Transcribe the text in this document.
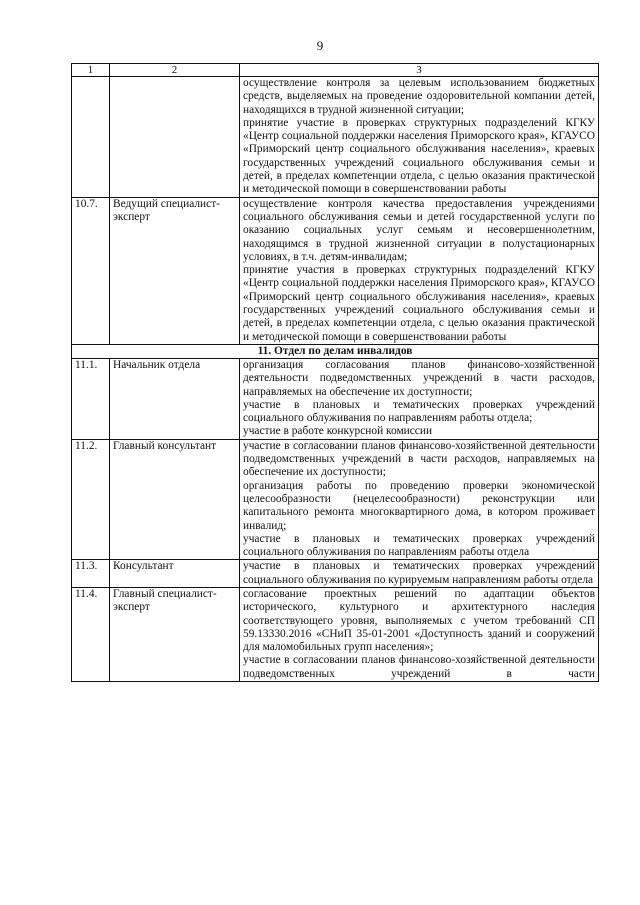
9
1	2	3

		осуществление контроля за целевым использованием бюджетных средств, выделяемых на проведение оздоровительной компании детей, находящихся в трудной жизненной ситуации;
принятие участие в проверках структурных подразделений КГКУ «Центр социальной поддержки населения Приморского края», КГАУСО «Приморский центр социального обслуживания населения», краевых государственных учреждений социального обслуживания семьи и детей, в пределах компетенции отдела, с целью оказания практической и методической помощи в совершенствовании работы

10.7.	Ведущий специалист-эксперт	осуществление контроля качества предоставления учреждениями социального обслуживания семьи и детей государственной услуги по оказанию социальных услуг семьям и несовершеннолетним, находящимся в трудной жизненной ситуации в полустационарных условиях, в т.ч. детям-инвалидам;
принятие участия в проверках структурных подразделений КГКУ «Центр социальной поддержки населения Приморского края», КГАУСО «Приморский центр социального обслуживания населения», краевых государственных учреждений социального обслуживания семьи и детей, в пределах компетенции отдела, с целью оказания практической и методической помощи в совершенствовании работы

11. Отдел по делам инвалидов		
11.1.	Начальник отдела	организация согласования планов финансово-хозяйственной деятельности подведомственных учреждений в части расходов, направляемых на обеспечение их доступности;
участие в плановых и тематических проверках учреждений социального облуживания по направлениям работы отдела;
участие в работе конкурсной комиссии

11.2.	Главный консультант	участие в согласовании планов финансово-хозяйственной деятельности подведомственных учреждений в части расходов, направляемых на обеспечение их доступности;
организация работы по проведению проверки экономической целесообразности (нецелесообразности) реконструкции или капитального ремонта многоквартирного дома, в котором проживает инвалид;
участие в плановых и тематических проверках учреждений социального облуживания по направлениям работы отдела

11.3.	Консультант	участие в плановых и тематических проверках учреждений социального облуживания по курируемым направлениям работы отдела

11.4.	Главный специалист-эксперт	согласование проектных решений по адаптации объектов исторического, культурного и архитектурного наследия соответствующего уровня, выполняемых с учетом требований СП 59.13330.2016 «СНиП 35-01-2001 «Доступность зданий и сооружений для маломобильных групп населения»;
участие в согласовании планов финансово-хозяйственной деятельности подведомственных учреждений в части
